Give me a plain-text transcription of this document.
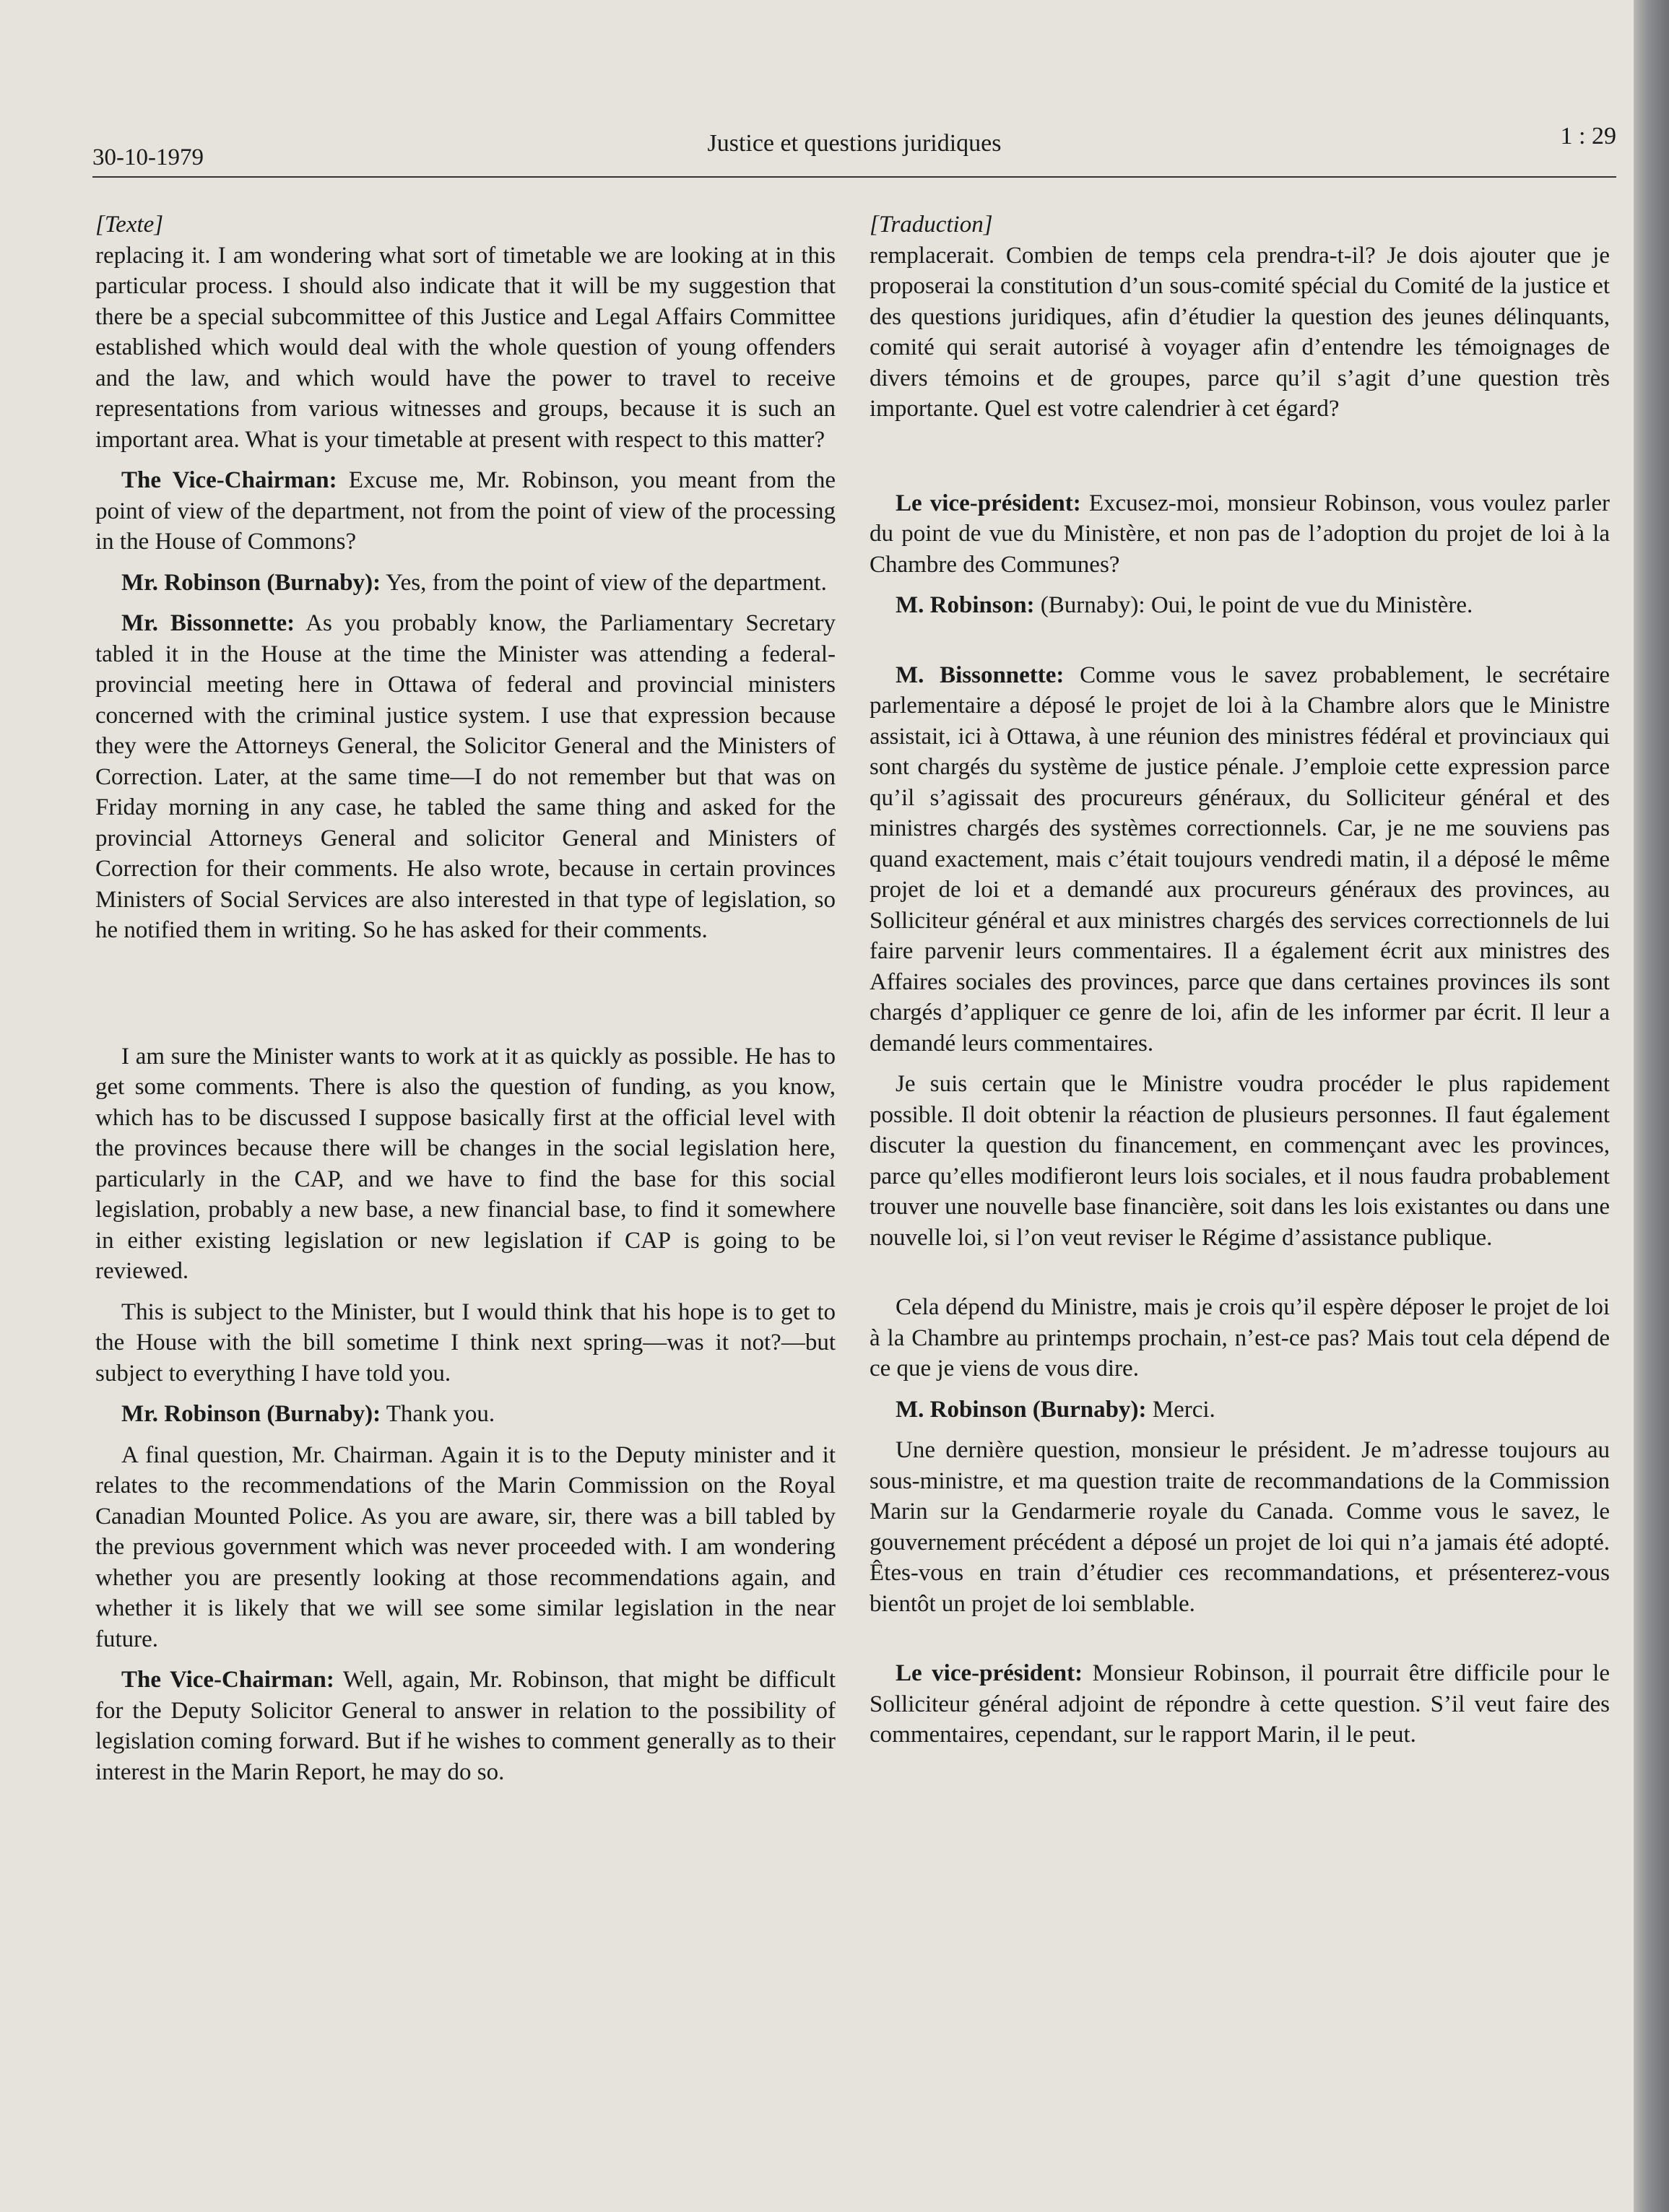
30-10-1979
Justice et questions juridiques	1 : 29

[Texte]

replacing it. I am wondering what sort of timetable we are looking at in this particular process. I should also indicate that it will be my suggestion that there be a special subcommittee of this Justice and Legal Affairs Committee established which would deal with the whole question of young offenders and the law, and which would have the power to travel to receive representations from various witnesses and groups, because it is such an important area. What is your timetable at present with respect to this matter?

The Vice-Chairman: Excuse me, Mr. Robinson, you meant from the point of view of the department, not from the point of view of the processing in the House of Commons?

Mr. Robinson (Burnaby): Yes, from the point of view of the department.

Mr. Bissonnette: As you probably know, the Parliamentary Secretary tabled it in the House at the time the Minister was attending a federal-provincial meeting here in Ottawa of federal and provincial ministers concerned with the criminal justice system. I use that expression because they were the Attorneys General, the Solicitor General and the Ministers of Correction. Later, at the same time—I do not remember but that was on Friday morning in any case, he tabled the same thing and asked for the provincial Attorneys General and solicitor General and Ministers of Correction for their comments. He also wrote, because in certain provinces Ministers of Social Services are also interested in that type of legislation, so he notified them in writing. So he has asked for their comments.

I am sure the Minister wants to work at it as quickly as possible. He has to get some comments. There is also the question of funding, as you know, which has to be discussed I suppose basically first at the official level with the provinces because there will be changes in the social legislation here, particularly in the CAP, and we have to find the base for this social legislation, probably a new base, a new financial base, to find it somewhere in either existing legislation or new legislation if CAP is going to be reviewed.

This is subject to the Minister, but I would think that his hope is to get to the House with the bill sometime I think next spring—was it not?—but subject to everything I have told you.

Mr. Robinson (Burnaby): Thank you.

A final question, Mr. Chairman. Again it is to the Deputy minister and it relates to the recommendations of the Marin Commission on the Royal Canadian Mounted Police. As you are aware, sir, there was a bill tabled by the previous government which was never proceeded with. I am wondering whether you are presently looking at those recommendations again, and whether it is likely that we will see some similar legislation in the near future.

The Vice-Chairman: Well, again, Mr. Robinson, that might be difficult for the Deputy Solicitor General to answer in relation to the possibility of legislation coming forward. But if he wishes to comment generally as to their interest in the Marin Report, he may do so.

[Traduction]

remplacerait. Combien de temps cela prendra-t-il? Je dois ajouter que je proposerai la constitution d’un sous-comité spécial du Comité de la justice et des questions juridiques, afin d’étudier la question des jeunes délinquants, comité qui serait autorisé à voyager afin d’entendre les témoignages de divers témoins et de groupes, parce qu’il s’agit d’une question très importante. Quel est votre calendrier à cet égard?

Le vice-président: Excusez-moi, monsieur Robinson, vous voulez parler du point de vue du Ministère, et non pas de l’adoption du projet de loi à la Chambre des Communes?

M. Robinson: (Burnaby): Oui, le point de vue du Ministère.

M. Bissonnette: Comme vous le savez probablement, le secrétaire parlementaire a déposé le projet de loi à la Chambre alors que le Ministre assistait, ici à Ottawa, à une réunion des ministres fédéral et provinciaux qui sont chargés du système de justice pénale. J’emploie cette expression parce qu’il s’agissait des procureurs généraux, du Solliciteur général et des ministres chargés des systèmes correctionnels. Car, je ne me souviens pas quand exactement, mais c’était toujours vendredi matin, il a déposé le même projet de loi et a demandé aux procureurs généraux des provinces, au Solliciteur général et aux ministres chargés des services correctionnels de lui faire parvenir leurs commentaires. Il a également écrit aux ministres des Affaires sociales des provinces, parce que dans certaines provinces ils sont chargés d’appliquer ce genre de loi, afin de les informer par écrit. Il leur a demandé leurs commentaires.

Je suis certain que le Ministre voudra procéder le plus rapidement possible. Il doit obtenir la réaction de plusieurs personnes. Il faut également discuter la question du financement, en commençant avec les provinces, parce qu’elles modifieront leurs lois sociales, et il nous faudra probablement trouver une nouvelle base financière, soit dans les lois existantes ou dans une nouvelle loi, si l’on veut reviser le Régime d’assistance publique.

Cela dépend du Ministre, mais je crois qu’il espère déposer le projet de loi à la Chambre au printemps prochain, n’est-ce pas? Mais tout cela dépend de ce que je viens de vous dire.

M. Robinson (Burnaby): Merci.

Une dernière question, monsieur le président. Je m’adresse toujours au sous-ministre, et ma question traite de recommandations de la Commission Marin sur la Gendarmerie royale du Canada. Comme vous le savez, le gouvernement précédent a déposé un projet de loi qui n’a jamais été adopté. Êtes-vous en train d’étudier ces recommandations, et présenterez-vous bientôt un projet de loi semblable.

Le vice-président: Monsieur Robinson, il pourrait être difficile pour le Solliciteur général adjoint de répondre à cette question. S’il veut faire des commentaires, cependant, sur le rapport Marin, il le peut.
